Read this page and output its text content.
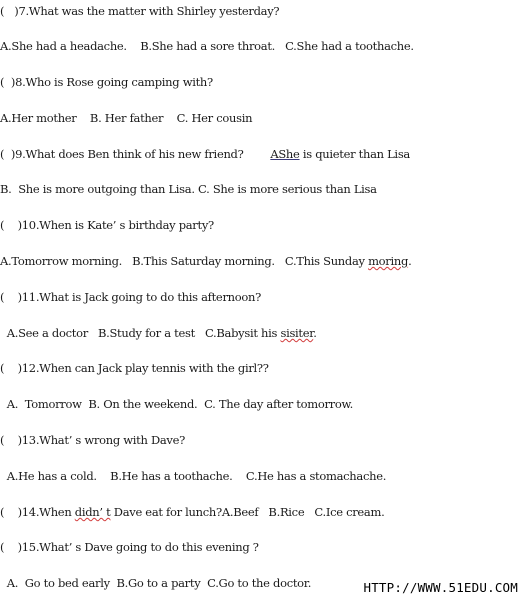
(   )7.What was the matter with Shirley yesterday?
A.She had a headache.    B.She had a sore throat.   C.She had a toothache.
(  )8.Who is Rose going camping with?
A.Her mother    B. Her father    C. Her cousin
(  )9.What does Ben think of his new friend?        AShe is quieter than Lisa
B.  She is more outgoing than Lisa. C. She is more serious than Lisa
(    )10.When is Kate’ s birthday party?
A.Tomorrow morning.   B.This Saturday morning.   C.This Sunday moring.
(    )11.What is Jack going to do this afternoon?
A.See a doctor   B.Study for a test   C.Babysit his sisiter.
(    )12.When can Jack play tennis with the girl??
A.  Tomorrow  B. On the weekend.  C. The day after tomorrow.
(    )13.What’ s wrong with Dave?
A.He has a cold.    B.He has a toothache.    C.He has a stomachache.
(    )14.When didn’ t Dave eat for lunch?A.Beef   B.Rice   C.Ice cream.
(    )15.What’ s Dave going to do this evening ?
A.  Go to bed early  B.Go to a party  C.Go to the doctor.	HTTP://WWW.51EDU.COM
